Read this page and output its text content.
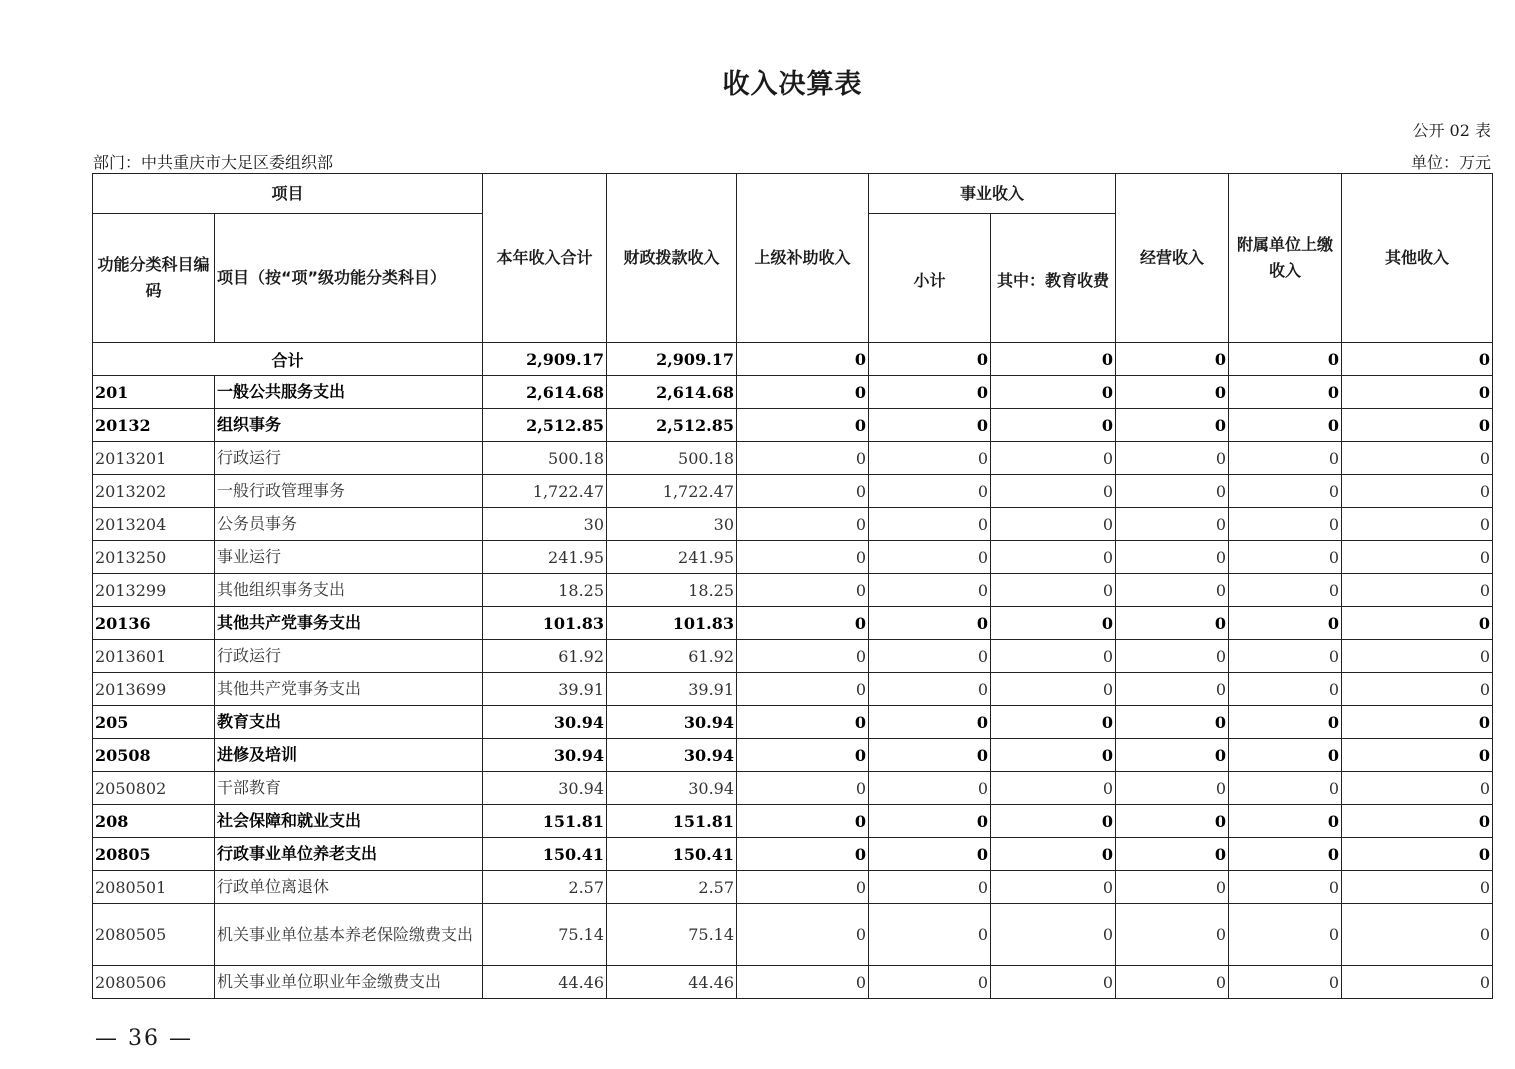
收入决算表
公开 02 表
部门：中共重庆市大足区委组织部	单位：万元
项目		本年收入合计	财政拨款收入	上级补助收入	事业收入		经营收入	附属单位上缴收入	其他收入
功能分类科目编码	项目（按“项”级功能分类科目）				小计	其中：教育收费			
合计		2,909.17	2,909.17	0	0	0	0	0	0
201	一般公共服务支出	2,614.68	2,614.68	0	0	0	0	0	0
20132	组织事务	2,512.85	2,512.85	0	0	0	0	0	0
2013201	行政运行	500.18	500.18	0	0	0	0	0	0
2013202	一般行政管理事务	1,722.47	1,722.47	0	0	0	0	0	0
2013204	公务员事务	30	30	0	0	0	0	0	0
2013250	事业运行	241.95	241.95	0	0	0	0	0	0
2013299	其他组织事务支出	18.25	18.25	0	0	0	0	0	0
20136	其他共产党事务支出	101.83	101.83	0	0	0	0	0	0
2013601	行政运行	61.92	61.92	0	0	0	0	0	0
2013699	其他共产党事务支出	39.91	39.91	0	0	0	0	0	0
205	教育支出	30.94	30.94	0	0	0	0	0	0
20508	进修及培训	30.94	30.94	0	0	0	0	0	0
2050802	干部教育	30.94	30.94	0	0	0	0	0	0
208	社会保障和就业支出	151.81	151.81	0	0	0	0	0	0
20805	行政事业单位养老支出	150.41	150.41	0	0	0	0	0	0
2080501	行政单位离退休	2.57	2.57	0	0	0	0	0	0
2080505	机关事业单位基本养老保险缴费支出	75.14	75.14	0	0	0	0	0	0
2080506	机关事业单位职业年金缴费支出	44.46	44.46	0	0	0	0	0	0
— 36 —
